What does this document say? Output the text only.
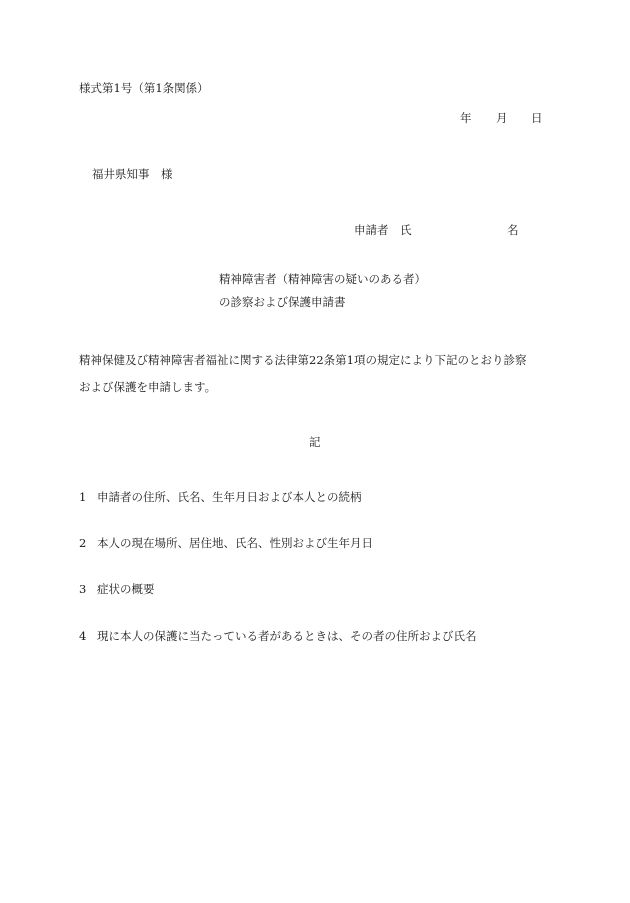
様式第1号（第1条関係）
年 月 日
福井県知事　様
申請者 氏	名
精神障害者（精神障害の疑いのある者）
の診察および保護申請書
精神保健及び精神障害者福祉に関する法律第22条第1項の規定により下記のとおり診察
および保護を申請します。
記
1 申請者の住所、氏名、生年月日および本人との続柄
2 本人の現在場所、居住地、氏名、性別および生年月日
3 症状の概要
4 現に本人の保護に当たっている者があるときは、その者の住所および氏名
